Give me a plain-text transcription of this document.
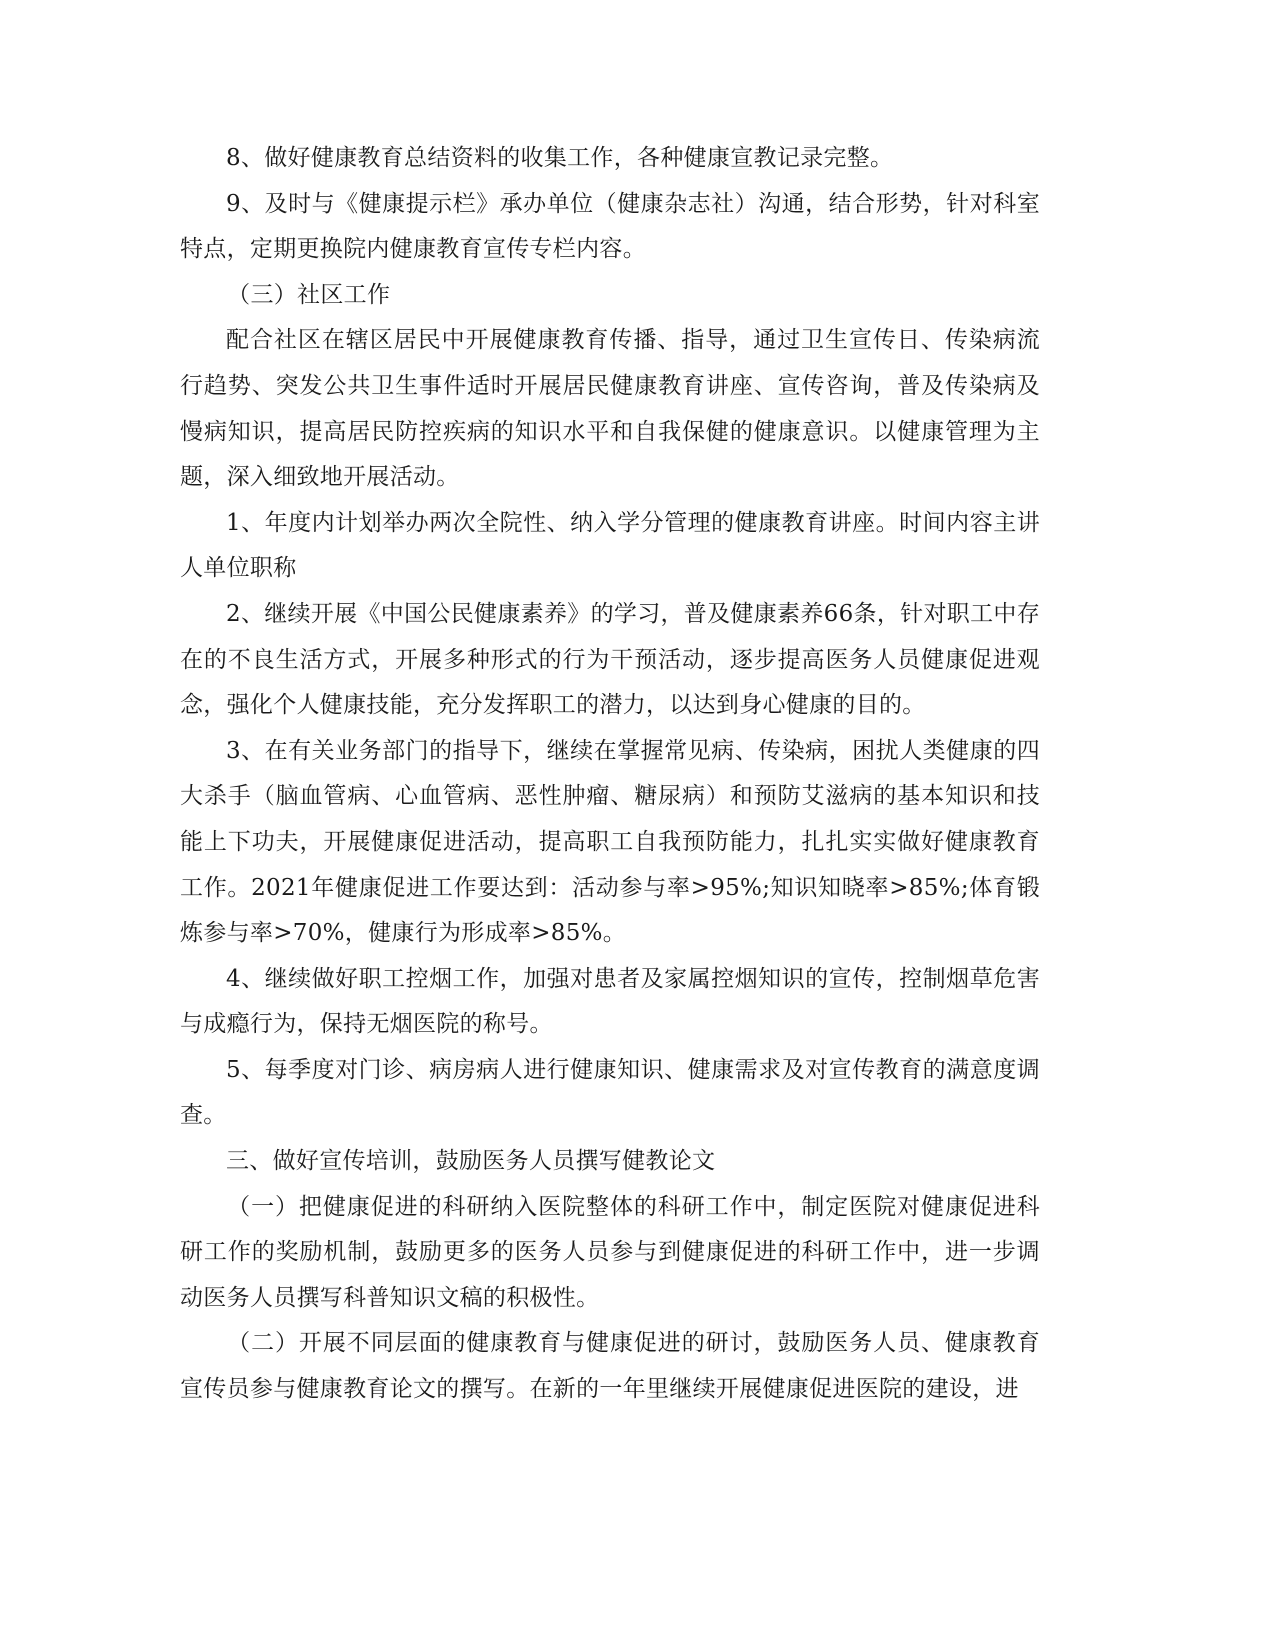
8、做好健康教育总结资料的收集工作，各种健康宣教记录完整。

9、及时与《健康提示栏》承办单位（健康杂志社）沟通，结合形势，针对科室特点，定期更换院内健康教育宣传专栏内容。

（三）社区工作

配合社区在辖区居民中开展健康教育传播、指导，通过卫生宣传日、传染病流行趋势、突发公共卫生事件适时开展居民健康教育讲座、宣传咨询，普及传染病及慢病知识，提高居民防控疾病的知识水平和自我保健的健康意识。以健康管理为主题，深入细致地开展活动。

1、年度内计划举办两次全院性、纳入学分管理的健康教育讲座。时间内容主讲人单位职称

2、继续开展《中国公民健康素养》的学习，普及健康素养66条，针对职工中存在的不良生活方式，开展多种形式的行为干预活动，逐步提高医务人员健康促进观念，强化个人健康技能，充分发挥职工的潜力，以达到身心健康的目的。

3、在有关业务部门的指导下，继续在掌握常见病、传染病，困扰人类健康的四大杀手（脑血管病、心血管病、恶性肿瘤、糖尿病）和预防艾滋病的基本知识和技能上下功夫，开展健康促进活动，提高职工自我预防能力，扎扎实实做好健康教育工作。2021年健康促进工作要达到：活动参与率>95%;知识知晓率>85%;体育锻炼参与率>70%，健康行为形成率>85%。

4、继续做好职工控烟工作，加强对患者及家属控烟知识的宣传，控制烟草危害与成瘾行为，保持无烟医院的称号。

5、每季度对门诊、病房病人进行健康知识、健康需求及对宣传教育的满意度调查。

三、做好宣传培训，鼓励医务人员撰写健教论文

（一）把健康促进的科研纳入医院整体的科研工作中，制定医院对健康促进科研工作的奖励机制，鼓励更多的医务人员参与到健康促进的科研工作中，进一步调动医务人员撰写科普知识文稿的积极性。

（二）开展不同层面的健康教育与健康促进的研讨，鼓励医务人员、健康教育宣传员参与健康教育论文的撰写。在新的一年里继续开展健康促进医院的建设，进
